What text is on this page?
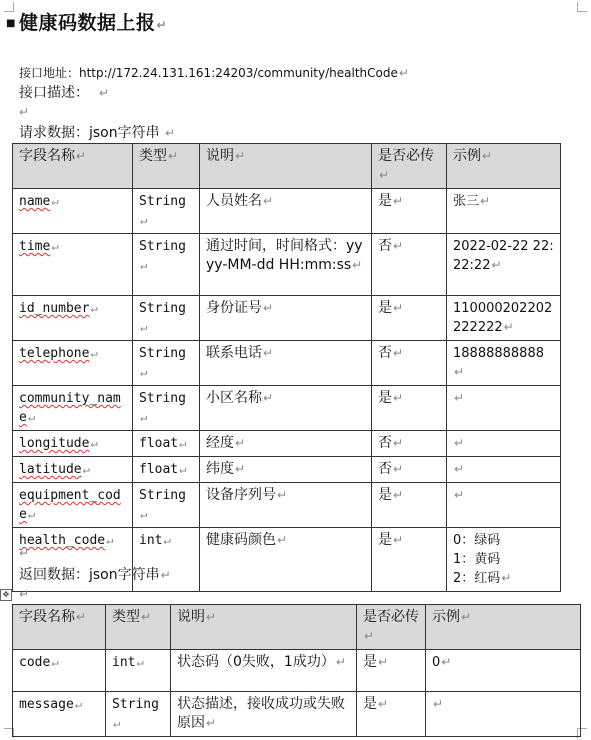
■ 健康码数据上报↵
接口地址：http://172.24.131.161:24203/community/healthCode↵
接口描述： ↵
↵
请求数据：json字符串 ↵
字段名称↵	类型↵	说明↵	是否必传↵	示例↵
name↵	String↵	人员姓名↵	是↵	张三↵
time↵	String↵	通过时间，时间格式：yyyy-MM-dd HH:mm:ss↵	否↵	2022-02-22 22:22:22↵
id_number↵	String↵	身份证号↵	是↵	110000202202222222↵
telephone↵	String↵	联系电话↵	否↵	18888888888↵
community_name↵	String↵	小区名称↵	是↵	↵
longitude↵	float↵	经度↵	否↵	↵
latitude↵	float↵	纬度↵	否↵	↵
equipment_code↵	String↵	设备序列号↵	是↵	↵
health_code↵	int↵	健康码颜色↵	是↵	0：绿码
1：黄码
2：红码↵
↵
返回数据：json字符串↵
✥ ↵
字段名称↵	类型↵	说明↵	是否必传↵	示例↵
code↵	int↵	状态码（0失败，1成功）↵	是↵	0↵
message↵	String↵	状态描述，接收成功或失败原因↵	是↵	↵
